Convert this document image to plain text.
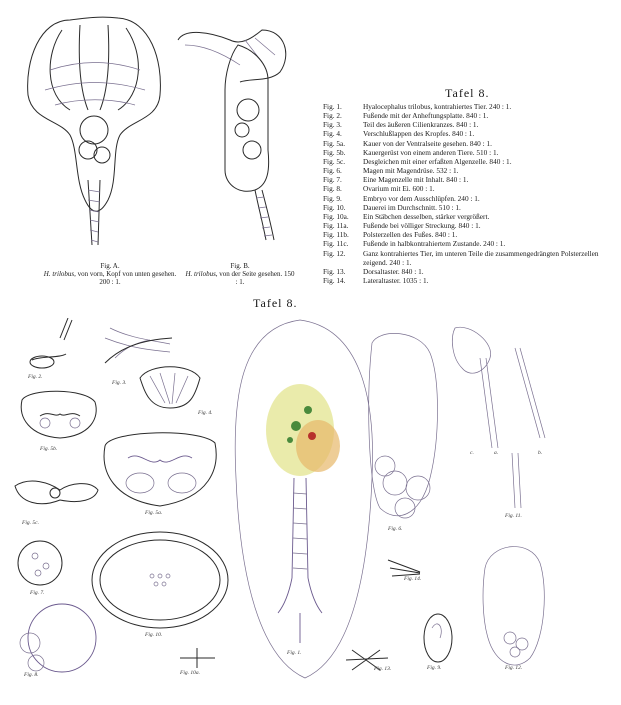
Fig. A.
H. trilobus, von vorn, Kopf von unten gesehen. 200 : 1.
Fig. B.
H. trilobus, von der Seite gesehen. 150 : 1.
Tafel 8.
Fig. 1.	Hyalocephalus trilobus, kontrahiertes Tier. 240 : 1.
Fig. 2.	Fußende mit der Anheftungsplatte. 840 : 1.
Fig. 3.	Teil des äußeren Cilienkranzes. 840 : 1.
Fig. 4.	Verschlußlappen des Kropfes. 840 : 1.
Fig. 5a.	Kauer von der Ventralseite gesehen. 840 : 1.
Fig. 5b.	Kauergerüst von einem anderen Tiere. 510 : 1.
Fig. 5c.	Desgleichen mit einer erfaßten Algenzelle. 840 : 1.
Fig. 6.	Magen mit Magendrüse. 532 : 1.
Fig. 7.	Eine Magenzelle mit Inhalt. 840 : 1.
Fig. 8.	Ovarium mit Ei. 600 : 1.
Fig. 9.	Embryo vor dem Ausschlüpfen. 240 : 1.
Fig. 10.	Dauerei im Durchschnitt. 510 : 1.
Fig. 10a.	Ein Stäbchen desselben, stärker vergrößert.
Fig. 11a.	Fußende bei völliger Streckung. 840 : 1.
Fig. 11b.	Polsterzellen des Fußes. 840 : 1.
Fig. 11c.	Fußende in halbkontrahiertem Zustande. 240 : 1.
Fig. 12.	Ganz kontrahiertes Tier, im unteren Teile die zusammengedrängten Polsterzellen zeigend. 240 : 1.
Fig. 13.	Dorsaltaster. 840 : 1.
Fig. 14.	Lateraltaster. 1035 : 1.
Tafel 8.
Fig. 2.
Fig. 3.
Fig. 4.
Fig. 5b.
Fig. 5a.
Fig. 5c.
Fig. 7.
Fig. 10.
Fig. 8.	Fig. 10a.
Fig. 1.
Fig. 6.
Fig. 13.
Fig. 14.
Fig. 9.	Fig. 12.
Fig. 11.
a.	b.
c.
